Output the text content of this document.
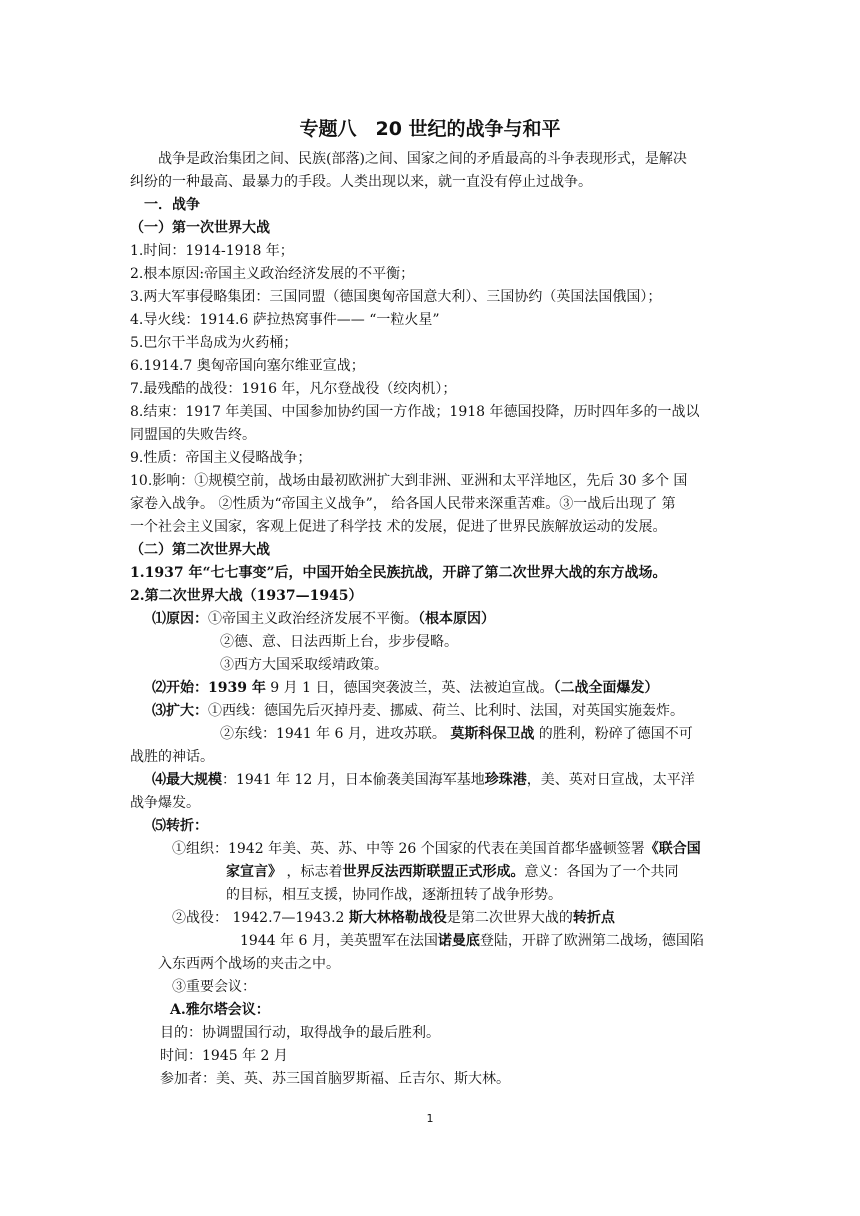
专题八　20 世纪的战争与和平
战争是政治集团之间、民族(部落)之间、国家之间的矛盾最高的斗争表现形式，是解决
纠纷的一种最高、最暴力的手段。人类出现以来，就一直没有停止过战争。
一．战争
（一）第一次世界大战
1.时间：1914-1918 年；
2.根本原因:帝国主义政治经济发展的不平衡；
3.两大军事侵略集团：三国同盟（德国奥匈帝国意大利）、三国协约（英国法国俄国）；
4.导火线：1914.6 萨拉热窝事件—— “一粒火星”
5.巴尔干半岛成为火药桶；
6.1914.7 奥匈帝国向塞尔维亚宣战；
7.最残酷的战役：1916 年，凡尔登战役（绞肉机）；
8.结束：1917 年美国、中国参加协约国一方作战；1918 年德国投降，历时四年多的一战以
同盟国的失败告终。
9.性质：帝国主义侵略战争；
10.影响：①规模空前，战场由最初欧洲扩大到非洲、亚洲和太平洋地区，先后 30 多个 国
家卷入战争。 ②性质为“帝国主义战争”， 给各国人民带来深重苦难。③一战后出现了 第
一个社会主义国家，客观上促进了科学技 术的发展，促进了世界民族解放运动的发展。
（二）第二次世界大战
1.1937 年“七七事变”后，中国开始全民族抗战，开辟了第二次世界大战的东方战场。
2.第二次世界大战（1937—1945）
⑴原因：①帝国主义政治经济发展不平衡。（根本原因）
②德、意、日法西斯上台，步步侵略。
③西方大国采取绥靖政策。
⑵开始：1939 年 9 月 1 日，德国突袭波兰，英、法被迫宣战。（二战全面爆发）
⑶扩大：①西线：德国先后灭掉丹麦、挪威、荷兰、比利时、法国，对英国实施轰炸。
②东线：1941 年 6 月，进攻苏联。 莫斯科保卫战 的胜利，粉碎了德国不可
战胜的神话。
⑷最大规模：1941 年 12 月，日本偷袭美国海军基地珍珠港，美、英对日宣战，太平洋
战争爆发。
⑸转折：
①组织：1942 年美、英、苏、中等 26 个国家的代表在美国首都华盛顿签署《联合国
家宣言》 ，标志着世界反法西斯联盟正式形成。意义：各国为了一个共同
的目标，相互支援，协同作战，逐渐扭转了战争形势。
②战役： 1942.7—1943.2 斯大林格勒战役是第二次世界大战的转折点
1944 年 6 月，美英盟军在法国诺曼底登陆，开辟了欧洲第二战场，德国陷
入东西两个战场的夹击之中。
③重要会议：
A.雅尔塔会议：
目的：协调盟国行动，取得战争的最后胜利。
时间：1945 年 2 月
参加者：美、英、苏三国首脑罗斯福、丘吉尔、斯大林。
1
